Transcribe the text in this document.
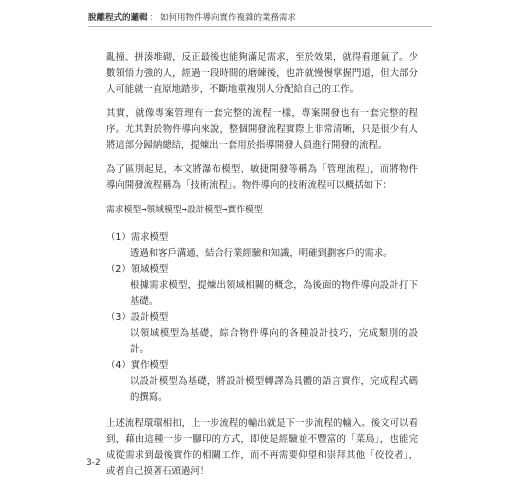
脫離程式的邏輯 ： 如何用物件導向實作複雜的業務需求

亂撞、拼湊堆砌，反正最後也能夠滿足需求，至於效果，就得看運氣了。少數領悟力強的人，經過一段時間的磨練後，也許就慢慢掌握門道，但大部分人可能就一直原地踏步，不斷地重複別人分配給自己的工作。

其實，就像專案管理有一套完整的流程一樣，專案開發也有一套完整的程序。尤其對於物件導向來說，整個開發流程實際上非常清晰，只是很少有人將這部分歸納總結，提煉出一套用於指導開發人員進行開發的流程。

為了區別起見，本文將瀑布模型、敏捷開發等稱為「管理流程」，而將物件導向開發流程稱為「技術流程」。物件導向的技術流程可以概括如下：

需求模型→領域模型→設計模型→實作模型
（1）需求模型
透過和客戶溝通，結合行業經驗和知識，明確到劃客戶的需求。
（2）領域模型
根據需求模型，提煉出領域相關的概念，為後面的物件導向設計打下基礎。
（3）設計模型
以領域模型為基礎，綜合物件導向的各種設計技巧，完成類別的設計。
（4）實作模型
以設計模型為基礎，將設計模型轉譯為具體的語言實作，完成程式碼的撰寫。

上述流程環環相扣，上一步流程的輸出就是下一步流程的輸入。後文可以看到，藉由這種一步一腳印的方式，即使是經驗並不豐富的「菜鳥」，也能完成從需求到最後實作的相關工作，而不再需要仰望和崇拜其他「佼佼者」，或者自己摸著石頭過河！

3-2
